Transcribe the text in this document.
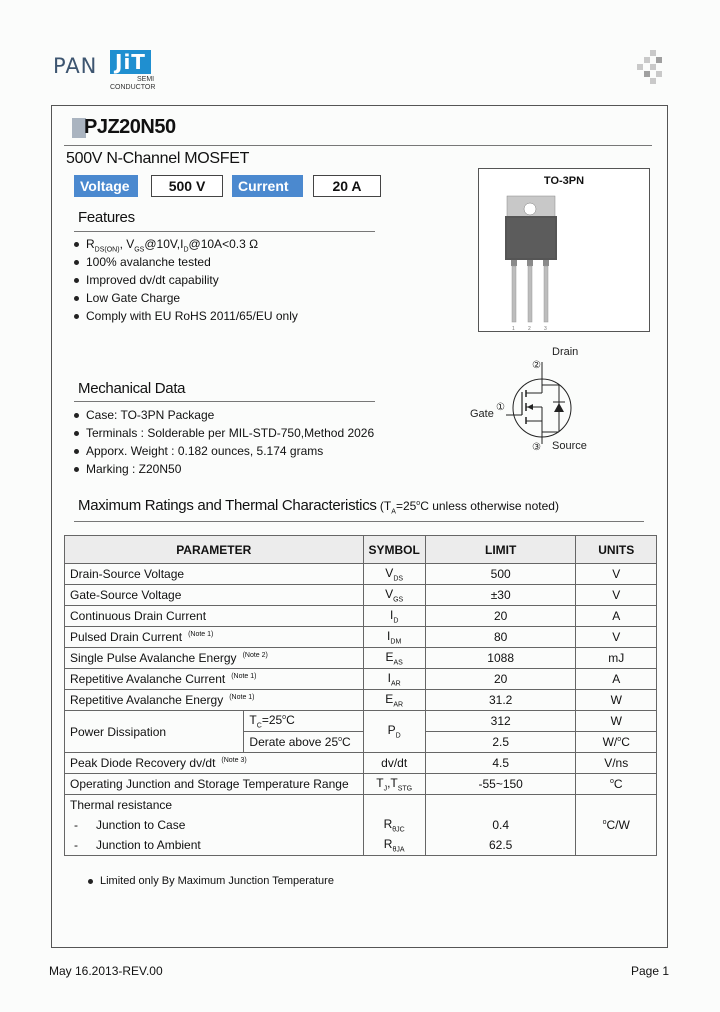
PAN JiT
SEMI
CONDUCTOR
PJZ20N50
500V N-Channel MOSFET
Voltage	500 V	Current	20 A
Features
$R_{DS(ON)}$, $V_{GS}@10V,I_D@10A<0.3$ Ω
100% avalanche tested
Improved dv/dt capability
Low Gate Charge
Comply with EU RoHS 2011/65/EU only
TO-3PN
1	2	3
Drain
②
Gate
①
Source
③
Mechanical Data
Case: TO-3PN Package
Terminals : Solderable per MIL-STD-750,Method 2026
Apporx. Weight : 0.182 ounces, 5.174 grams
Marking : Z20N50
Maximum Ratings and Thermal Characteristics ($T_A=25^oC$ unless otherwise noted)
PARAMETER		SYMBOL	LIMIT	UNITS
Drain-Source Voltage		$V_{DS}$	500	V
Gate-Source Voltage		$V_{GS}$	±30	V
Continuous Drain Current		$I_D$	20	A
Pulsed Drain Current $^{(Note 1)}$		$I_{DM}$	80	V
Single Pulse Avalanche Energy $^{(Note 2)}$		$E_{AS}$	1088	mJ
Repetitive Avalanche Current $^{(Note 1)}$		$I_{AR}$	20	A
Repetitive Avalanche Energy $^{(Note 1)}$		$E_{AR}$	31.2	W
Power Dissipation	$T_C=25^oC$	$P_D$	312	W
	Derate above 25$^o$C		2.5	W/$^o$C
Peak Diode Recovery dv/dt $^{(Note 3)}$		dv/dt	4.5	V/ns
Operating Junction and Storage Temperature Range		$T_J,T_{STG}$	-55~150	$^o$C
Thermal resistance				$^o$C/W
- Junction to Case		$R_{\theta JC}$	0.4	
- Junction to Ambient		$R_{\theta JA}$	62.5	
Limited only By Maximum Junction Temperature
May 16.2013-REV.00	Page 1
